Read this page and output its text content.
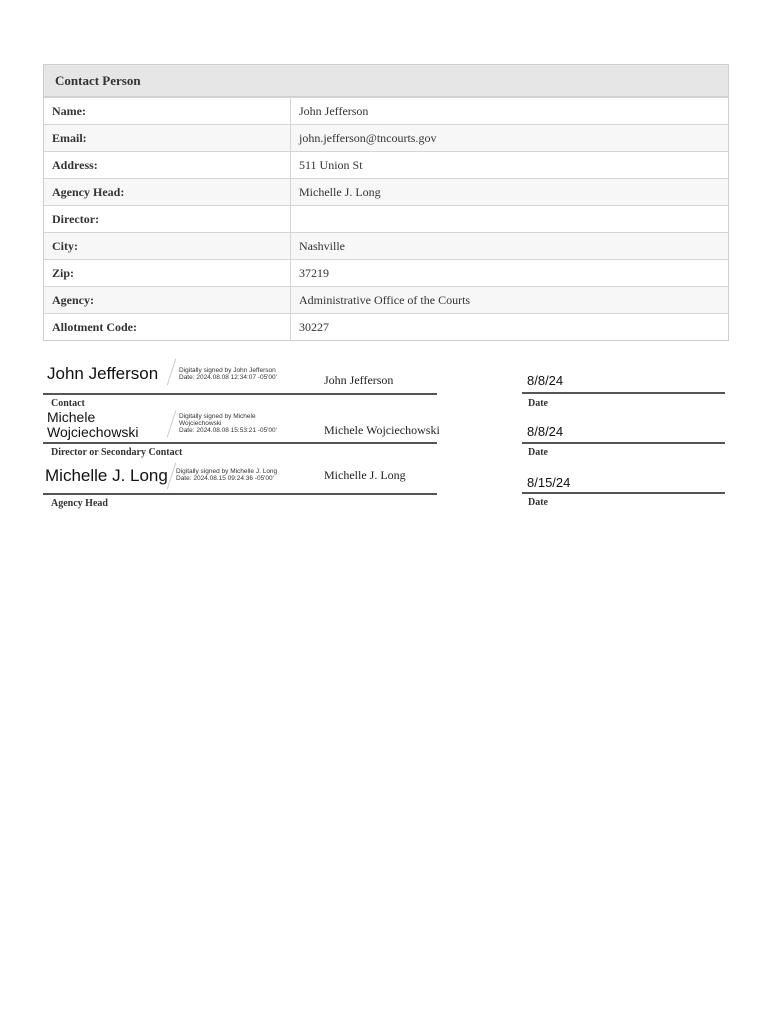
Contact Person
Name:	John Jefferson
Email:	john.jefferson@tncourts.gov
Address:	511 Union St
Agency Head:	Michelle J. Long
Director:
City:	Nashville
Zip:	37219
Agency:	Administrative Office of the Courts
Allotment Code:	30227
John Jefferson	Digitally signed by John Jefferson
Date: 2024.08.08 12:34:07 -05'00'	John Jefferson
Contact
8/8/24
Date
Michele
Wojciechowski
Digitally signed by Michele
Wojciechowski
Date: 2024.08.08 15:53:21 -05'00'	Michele Wojciechowski
Director or Secondary Contact
8/8/24
Date
Michelle J. Long Digitally signed by Michelle J. Long
Date: 2024.08.15 09:24:36 -05'00'	Michelle J. Long
Agency Head
8/15/24
Date
